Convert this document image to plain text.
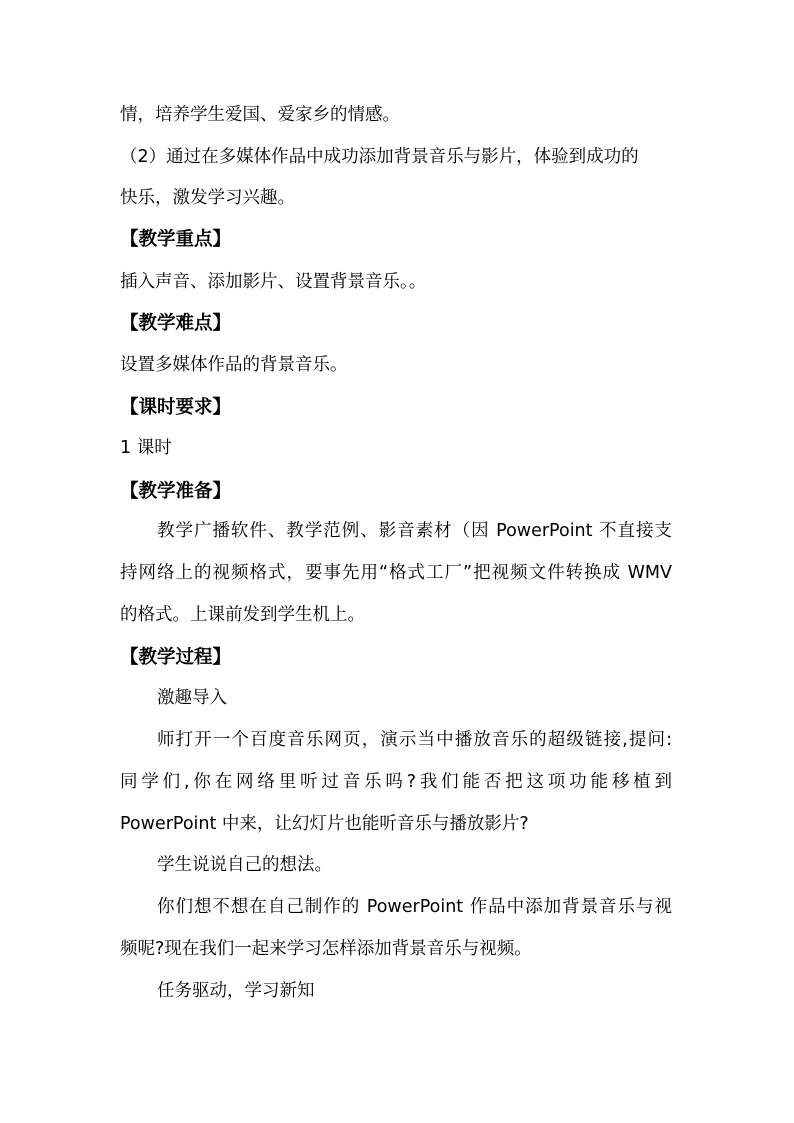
情，培养学生爱国、爱家乡的情感。
（2）通过在多媒体作品中成功添加背景音乐与影片，体验到成功的
快乐，激发学习兴趣。
【教学重点】
插入声音、添加影片、设置背景音乐。。
【教学难点】
设置多媒体作品的背景音乐。
【课时要求】
1 课时
【教学准备】
教学广播软件、教学范例、影音素材（因 PowerPoint 不直接支
持网络上的视频格式，要事先用“格式工厂”把视频文件转换成 WMV
的格式。上课前发到学生机上。
【教学过程】
激趣导入
师打开一个百度音乐网页，演示当中播放音乐的超级链接,提问:
同学们,你在网络里听过音乐吗?我们能否把这项功能移植到
PowerPoint 中来，让幻灯片也能听音乐与播放影片?
学生说说自己的想法。
你们想不想在自己制作的 PowerPoint 作品中添加背景音乐与视
频呢?现在我们一起来学习怎样添加背景音乐与视频。
任务驱动，学习新知
